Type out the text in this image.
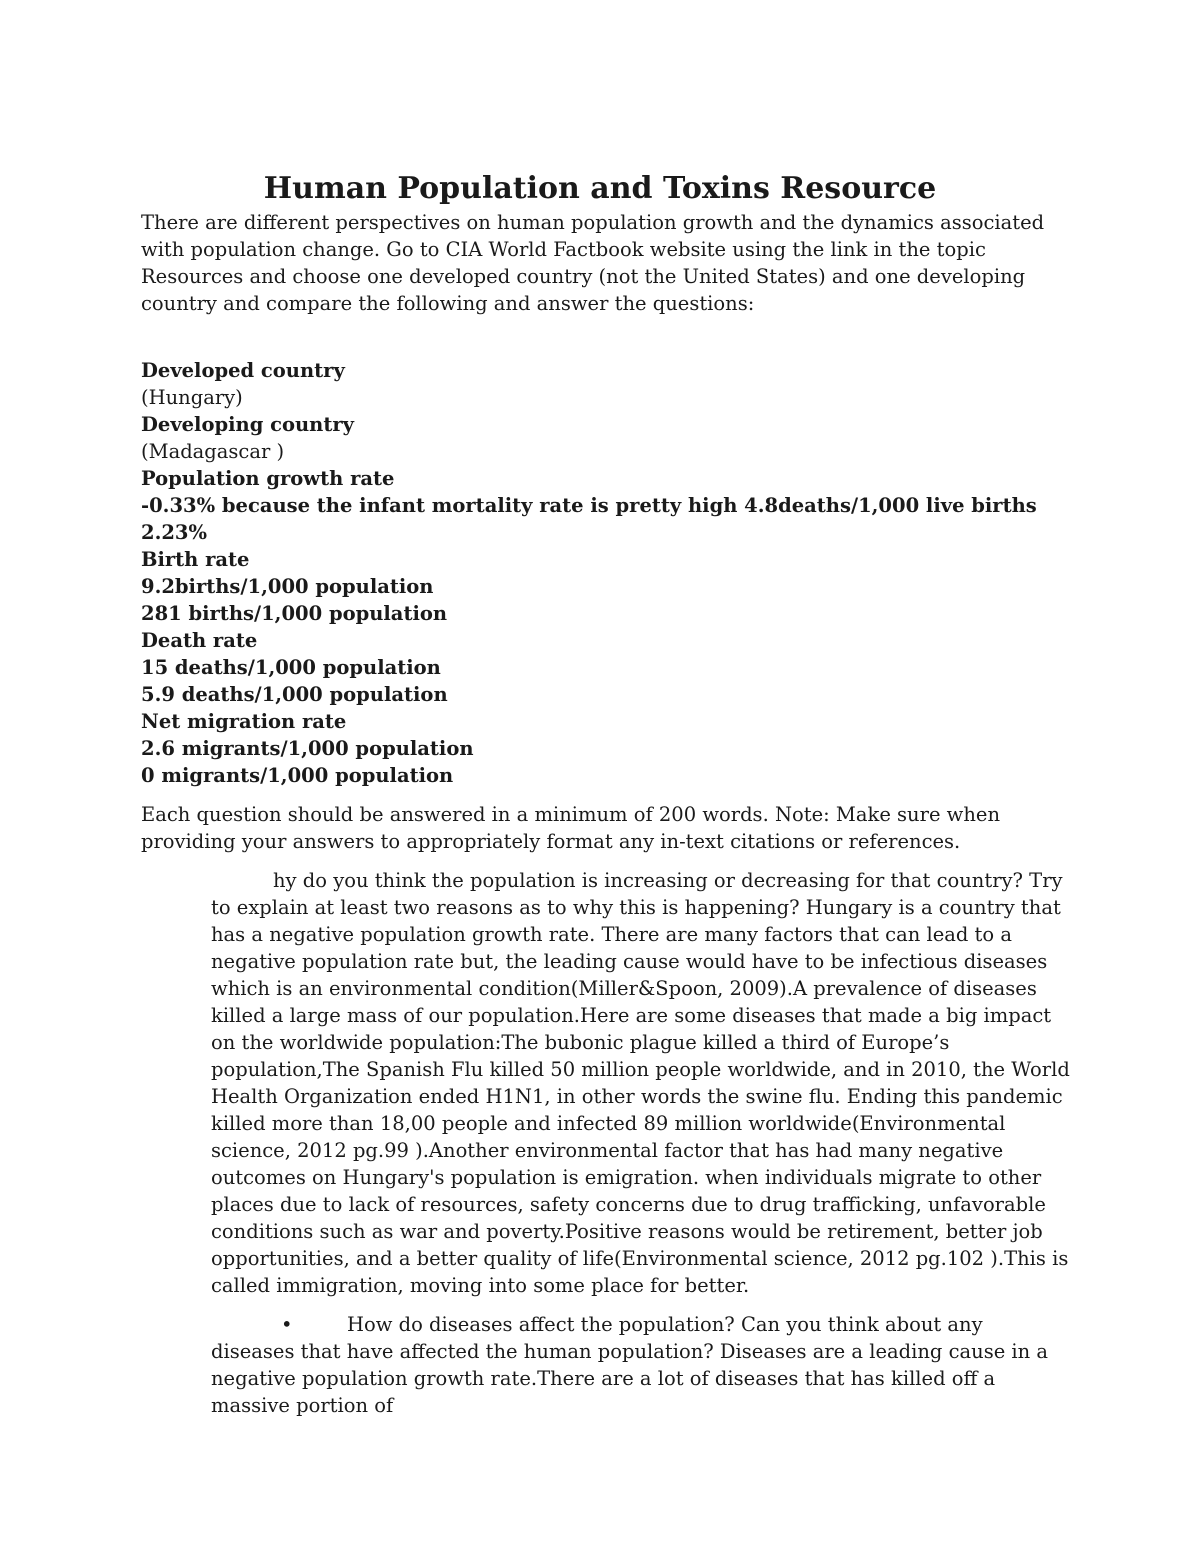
Human Population and Toxins Resource

There are different perspectives on human population growth and the dynamics associated with population change. Go to CIA World Factbook website using the link in the topic Resources and choose one developed country (not the United States) and one developing country and compare the following and answer the questions:

Developed country
(Hungary)
Developing country
(Madagascar )
Population growth rate
-0.33% because the infant mortality rate is pretty high 4.8deaths/1,000 live births
2.23%
Birth rate
9.2births/1,000 population
281 births/1,000 population
Death rate
15 deaths/1,000 population
5.9 deaths/1,000 population
Net migration rate
2.6 migrants/1,000 population
0 migrants/1,000 population

Each question should be answered in a minimum of 200 words. Note: Make sure when providing your answers to appropriately format any in-text citations or references.

hy do you think the population is increasing or decreasing for that country? Try to explain at least two reasons as to why this is happening? Hungary is a country that has a negative population growth rate. There are many factors that can lead to a negative population rate but, the leading cause would have to be infectious diseases which is an environmental condition(Miller&Spoon, 2009).A prevalence of diseases killed a large mass of our population.Here are some diseases that made a big impact on the worldwide population:The bubonic plague killed a third of Europe’s population,The Spanish Flu killed 50 million people worldwide, and in 2010, the World Health Organization ended H1N1, in other words the swine flu. Ending this pandemic killed more than 18,00 people and infected 89 million worldwide(Environmental science, 2012 pg.99 ).Another environmental factor that has had many negative outcomes on Hungary's population is emigration. when individuals migrate to other places due to lack of resources, safety concerns due to drug trafficking, unfavorable conditions such as war and poverty.Positive reasons would be retirement, better job opportunities, and a better quality of life(Environmental science, 2012 pg.102 ).This is called immigration, moving into some place for better.

•	How do diseases affect the population? Can you think about any diseases that have affected the human population? Diseases are a leading cause in a negative population growth rate.There are a lot of diseases that has killed off a massive portion of
